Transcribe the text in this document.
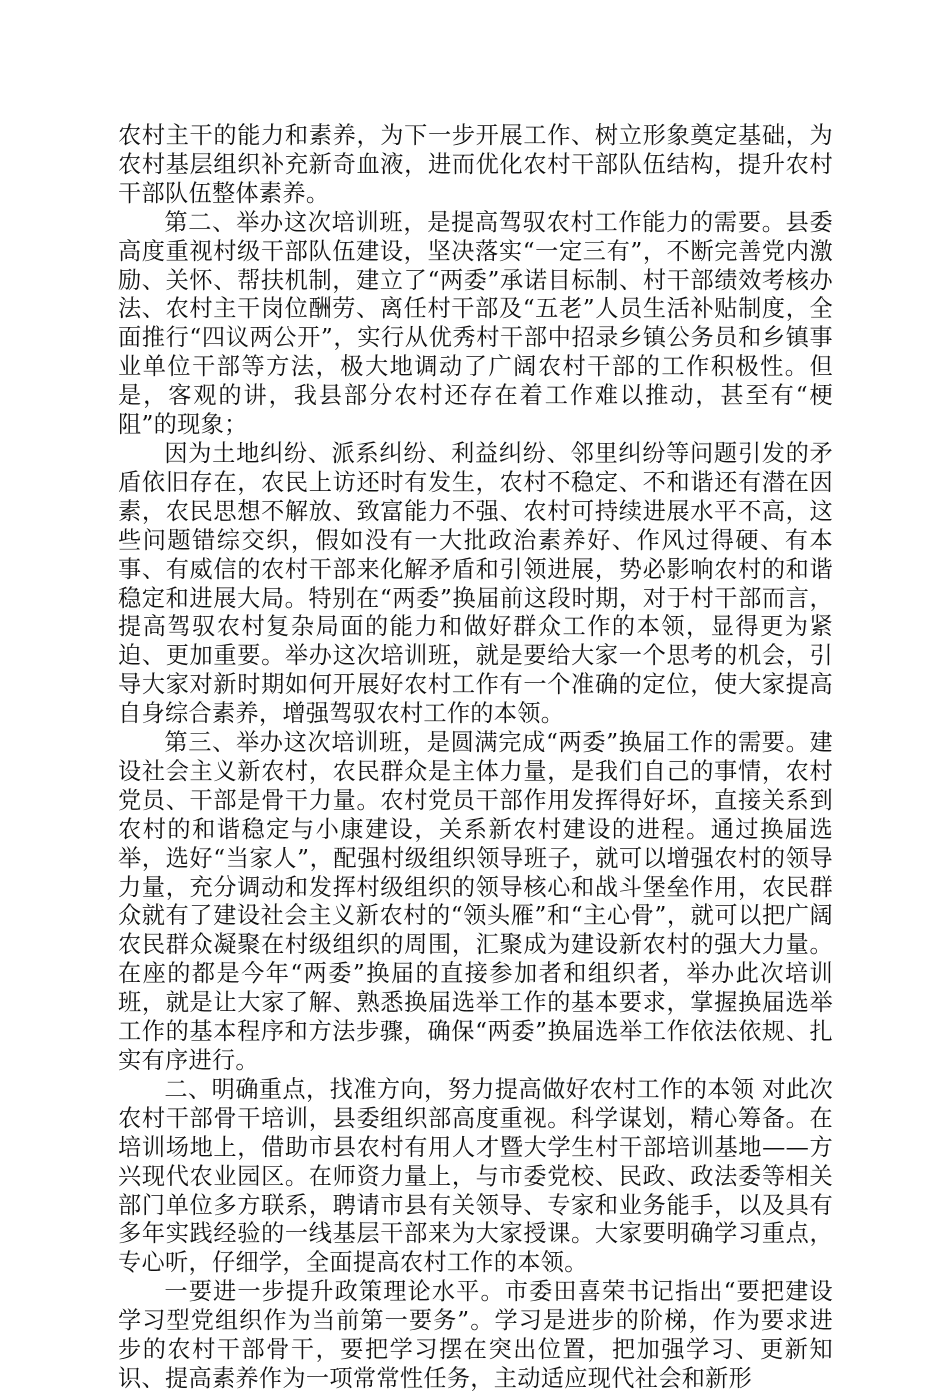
农村主干的能力和素养，为下一步开展工作、树立形象奠定基础，为农村基层组织补充新奇血液，进而优化农村干部队伍结构，提升农村干部队伍整体素养。

第二、举办这次培训班，是提高驾驭农村工作能力的需要。县委高度重视村级干部队伍建设，坚决落实“一定三有”，不断完善党内激励、关怀、帮扶机制，建立了“两委”承诺目标制、村干部绩效考核办法、农村主干岗位酬劳、离任村干部及“五老”人员生活补贴制度，全面推行“四议两公开”，实行从优秀村干部中招录乡镇公务员和乡镇事业单位干部等方法，极大地调动了广阔农村干部的工作积极性。但是，客观的讲，我县部分农村还存在着工作难以推动，甚至有“梗阻”的现象；

因为土地纠纷、派系纠纷、利益纠纷、邻里纠纷等问题引发的矛盾依旧存在，农民上访还时有发生，农村不稳定、不和谐还有潜在因素，农民思想不解放、致富能力不强、农村可持续进展水平不高，这些问题错综交织，假如没有一大批政治素养好、作风过得硬、有本事、有威信的农村干部来化解矛盾和引领进展，势必影响农村的和谐稳定和进展大局。特别在“两委”换届前这段时期，对于村干部而言，提高驾驭农村复杂局面的能力和做好群众工作的本领，显得更为紧迫、更加重要。举办这次培训班，就是要给大家一个思考的机会，引导大家对新时期如何开展好农村工作有一个准确的定位，使大家提高自身综合素养，增强驾驭农村工作的本领。

第三、举办这次培训班，是圆满完成“两委”换届工作的需要。建设社会主义新农村，农民群众是主体力量，是我们自己的事情，农村党员、干部是骨干力量。农村党员干部作用发挥得好坏，直接关系到农村的和谐稳定与小康建设，关系新农村建设的进程。通过换届选举，选好“当家人”，配强村级组织领导班子，就可以增强农村的领导力量，充分调动和发挥村级组织的领导核心和战斗堡垒作用，农民群众就有了建设社会主义新农村的“领头雁”和“主心骨”，就可以把广阔农民群众凝聚在村级组织的周围，汇聚成为建设新农村的强大力量。在座的都是今年“两委”换届的直接参加者和组织者，举办此次培训班，就是让大家了解、熟悉换届选举工作的基本要求，掌握换届选举工作的基本程序和方法步骤，确保“两委”换届选举工作依法依规、扎实有序进行。

二、明确重点，找准方向，努力提高做好农村工作的本领 对此次农村干部骨干培训，县委组织部高度重视。科学谋划，精心筹备。在培训场地上，借助市县农村有用人才暨大学生村干部培训基地——方兴现代农业园区。在师资力量上，与市委党校、民政、政法委等相关部门单位多方联系，聘请市县有关领导、专家和业务能手，以及具有多年实践经验的一线基层干部来为大家授课。大家要明确学习重点，专心听，仔细学，全面提高农村工作的本领。

一要进一步提升政策理论水平。市委田喜荣书记指出“要把建设学习型党组织作为当前第一要务”。学习是进步的阶梯，作为要求进步的农村干部骨干，要把学习摆在突出位置，把加强学习、更新知识、提高素养作为一项常常性任务，主动适应现代社会和新形
